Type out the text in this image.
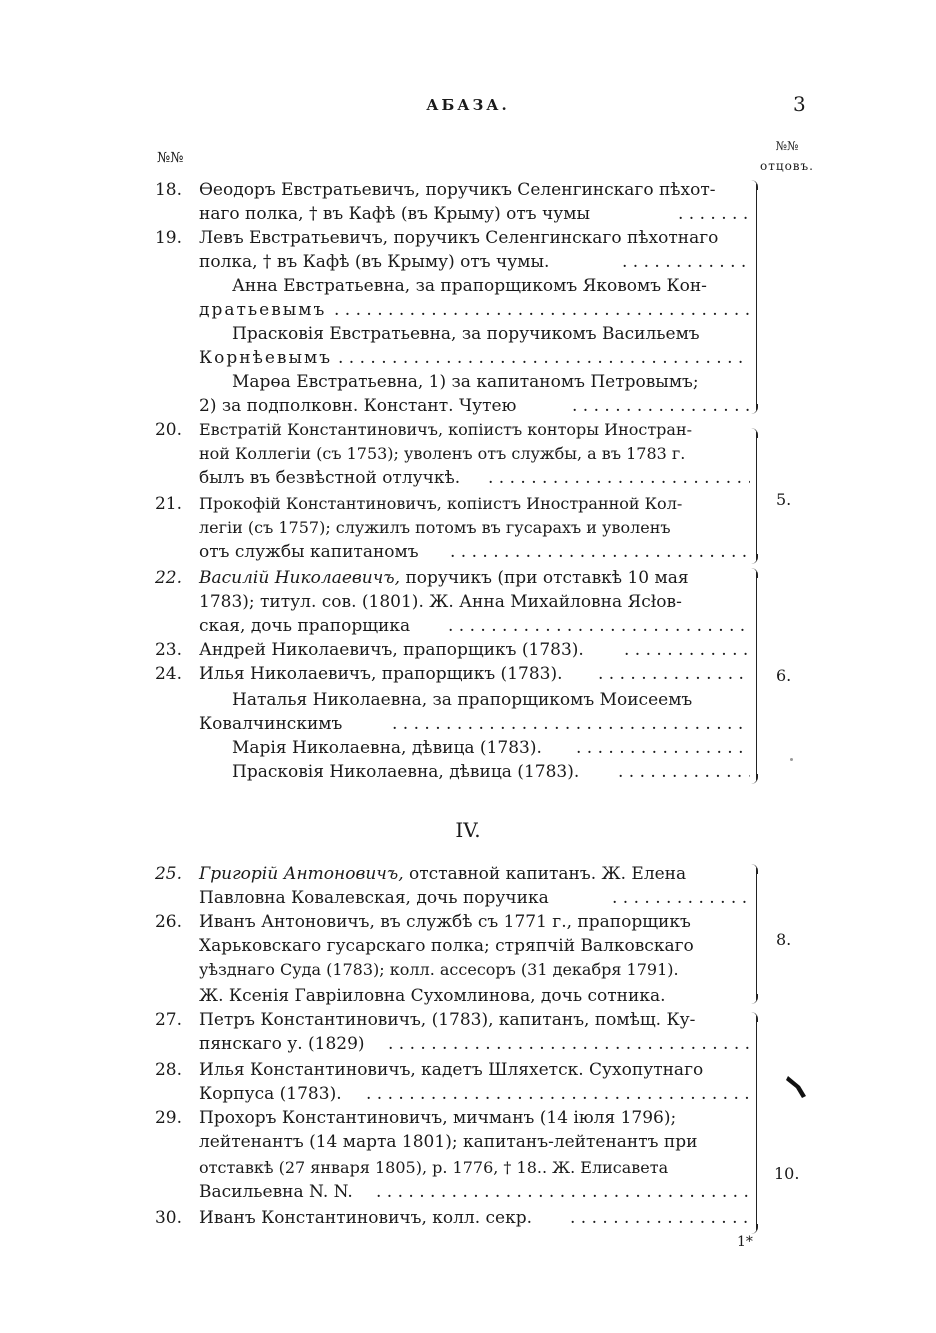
АБАЗА.	3
№№
№№
отцовъ.
18. Өеодоръ Евстратьевичъ, поручикъ Селенгинскаго пѣхот-
наго полка, † въ Кафѣ (въ Крыму) отъ чумы
. . .
19. Левъ Евстратьевичъ, поручикъ Селенгинскаго пѣхотнаго
полка, † въ Кафѣ (въ Крыму) отъ чумы.
. . .
Анна Евстратьевна, за прапорщикомъ Яковомъ Кон-
дратьевымъ
. . .
Прасковія Евстратьевна, за поручикомъ Васильемъ
Корнѣевымъ
. . .
Марөа Евстратьевна, 1) за капитаномъ Петровымъ;
2) за подполковн. Констант. Чутею
. . .
20. Евстратій Константиновичъ, копіистъ конторы Иностран-
ной Коллегіи (съ 1753); уволенъ отъ службы, а въ 1783 г.
былъ въ безвѣстной отлучкѣ.
. . .
21. Прокофій Константиновичъ, копіистъ Иностранной Кол-
легіи (съ 1757); служилъ потомъ въ гусарахъ и уволенъ
отъ службы капитаномъ
. . .
22. Василій Николаевичъ, поручикъ (при отставкѣ 10 мая
1783); титул. сов. (1801). Ж. Анна Михайловна Ясłов-
ская, дочь прапорщика
. . .
23. Андрей Николаевичъ, прапорщикъ (1783).
. . .
24. Илья Николаевичъ, прапорщикъ (1783).
. . .
Наталья Николаевна, за прапорщикомъ Моисеемъ
Ковалчинскимъ
. . .
Марія Николаевна, дѣвица (1783).
. . .
Прасковія Николаевна, дѣвица (1783).
. . .
5.
6.
IV.
25. Григорій Антоновичъ, отставной капитанъ. Ж. Елена
Павловна Ковалевская, дочь поручика
. . .
26. Иванъ Антоновичъ, въ службѣ съ 1771 г., прапорщикъ
Харьковскаго гусарскаго полка; стряпчій Валковскаго
уѣзднаго Суда (1783); колл. ассесоръ (31 декабря 1791).
Ж. Ксенія Гавріиловна Сухомлинова, дочь сотника.
27. Петръ Константиновичъ, (1783), капитанъ, помѣщ. Ку-
пянскаго у. (1829)
. . .
28. Илья Константиновичъ, кадетъ Шляхетск. Сухопутнаго
Корпуса (1783).
. . .
29. Прохоръ Константиновичъ, мичманъ (14 іюля 1796);
лейтенантъ (14 марта 1801); капитанъ-лейтенантъ при
отставкѣ (27 января 1805), р. 1776, † 18.. Ж. Елисавета
Васильевна N. N.
. . .
30. Иванъ Константиновичъ, колл. секр.
. . .
8.
10.
1*
